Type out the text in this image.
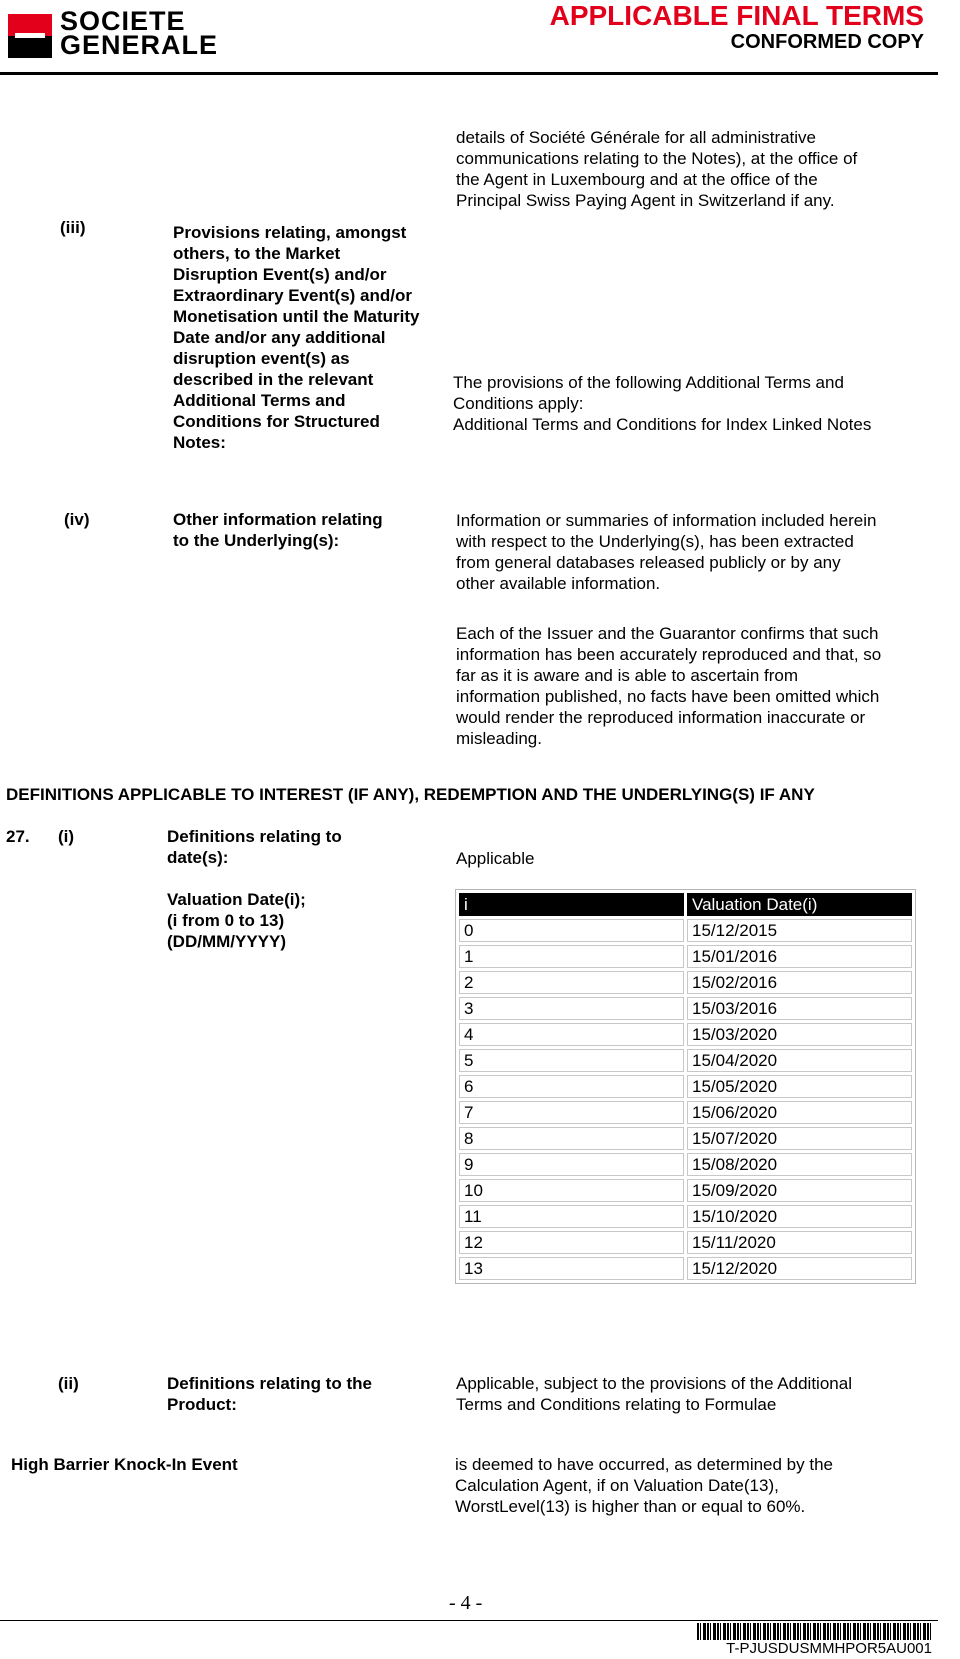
SOCIETE
GENERALE
APPLICABLE FINAL TERMS
CONFORMED COPY
details of Société Générale for all administrative
communications relating to the Notes), at the office of
the Agent in Luxembourg and at the office of the
Principal Swiss Paying Agent in Switzerland if any.
(iii)	Provisions relating, amongst
others, to the Market
Disruption Event(s) and/or
Extraordinary Event(s) and/or
Monetisation until the Maturity
Date and/or any additional
disruption event(s) as
described in the relevant
Additional Terms and
Conditions for Structured
Notes:
The provisions of the following Additional Terms and
Conditions apply:
Additional Terms and Conditions for Index Linked Notes
(iv)	Other information relating
to the Underlying(s):
Information or summaries of information included herein
with respect to the Underlying(s), has been extracted
from general databases released publicly or by any
other available information.
Each of the Issuer and the Guarantor confirms that such
information has been accurately reproduced and that, so
far as it is aware and is able to ascertain from
information published, no facts have been omitted which
would render the reproduced information inaccurate or
misleading.
DEFINITIONS APPLICABLE TO INTEREST (IF ANY), REDEMPTION AND THE UNDERLYING(S) IF ANY
27. (i)	Definitions relating to
date(s):	Applicable
Valuation Date(i);
(i from 0 to 13)
(DD/MM/YYYY)
i	Valuation Date(i)
0	15/12/2015
1	15/01/2016
2	15/02/2016
3	15/03/2016
4	15/03/2020
5	15/04/2020
6	15/05/2020
7	15/06/2020
8	15/07/2020
9	15/08/2020
10	15/09/2020
11	15/10/2020
12	15/11/2020
13	15/12/2020
(ii)	Definitions relating to the
Product:
Applicable, subject to the provisions of the Additional
Terms and Conditions relating to Formulae
High Barrier Knock-In Event	is deemed to have occurred, as determined by the
Calculation Agent, if on Valuation Date(13),
WorstLevel(13) is higher than or equal to 60%.
- 4 -
T-PJUSDUSMMHPOR5AU001
